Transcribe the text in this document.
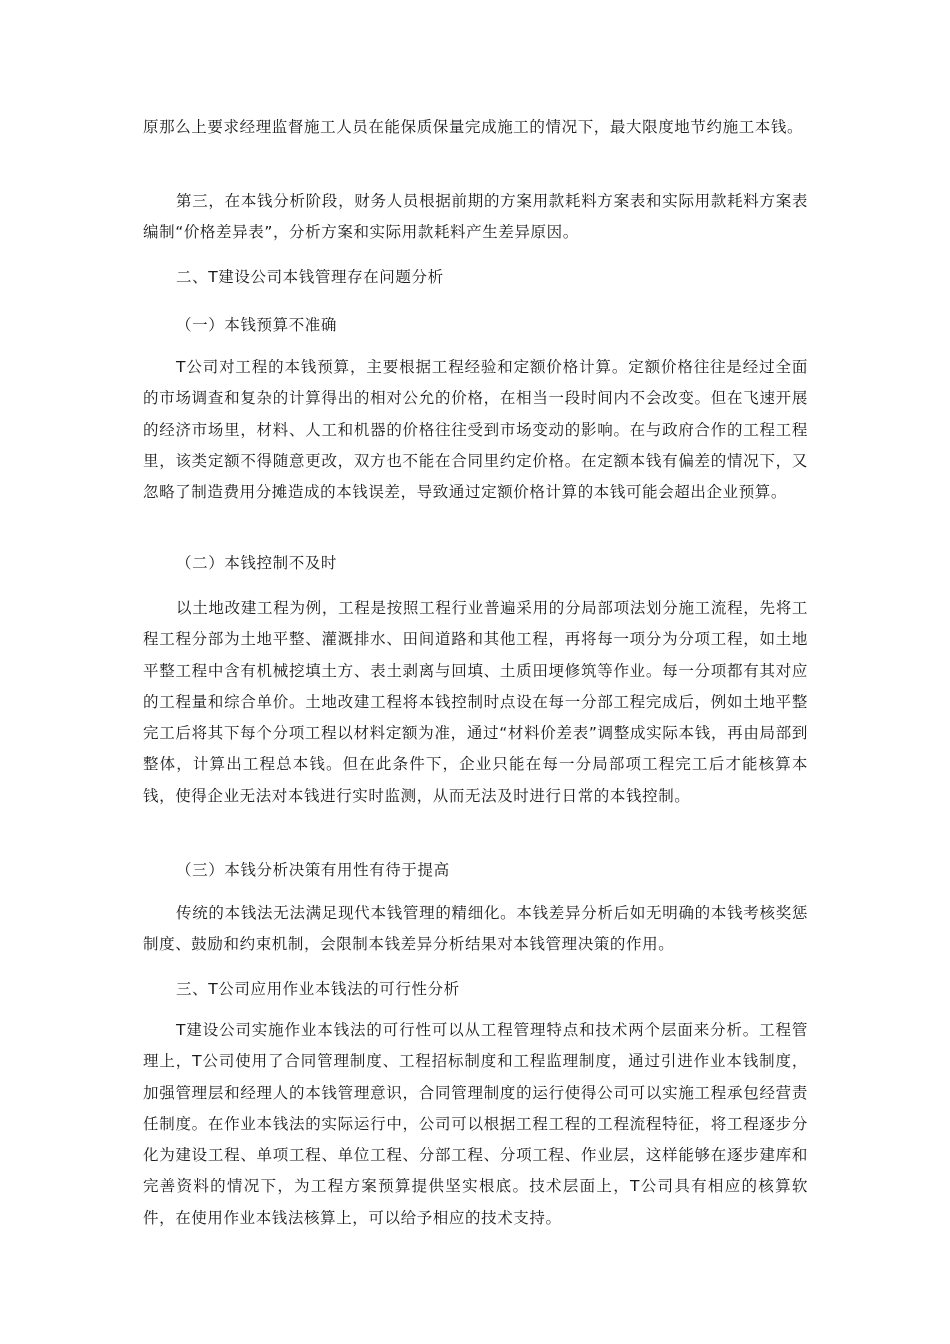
原那么上要求经理监督施工人员在能保质保量完成施工的情况下，最大限度地节约施工本钱。

第三，在本钱分析阶段，财务人员根据前期的方案用款耗料方案表和实际用款耗料方案表编制“价格差异表”，分析方案和实际用款耗料产生差异原因。

二、T建设公司本钱管理存在问题分析

（一）本钱预算不准确

T公司对工程的本钱预算，主要根据工程经验和定额价格计算。定额价格往往是经过全面的市场调查和复杂的计算得出的相对公允的价格，在相当一段时间内不会改变。但在飞速开展的经济市场里，材料、人工和机器的价格往往受到市场变动的影响。在与政府合作的工程工程里，该类定额不得随意更改，双方也不能在合同里约定价格。在定额本钱有偏差的情况下，又忽略了制造费用分摊造成的本钱误差，导致通过定额价格计算的本钱可能会超出企业预算。

（二）本钱控制不及时

以土地改建工程为例，工程是按照工程行业普遍采用的分局部项法划分施工流程，先将工程工程分部为土地平整、灌溉排水、田间道路和其他工程，再将每一项分为分项工程，如土地平整工程中含有机械挖填土方、表土剥离与回填、土质田埂修筑等作业。每一分项都有其对应的工程量和综合单价。土地改建工程将本钱控制时点设在每一分部工程完成后，例如土地平整完工后将其下每个分项工程以材料定额为准，通过“材料价差表”调整成实际本钱，再由局部到整体，计算出工程总本钱。但在此条件下，企业只能在每一分局部项工程完工后才能核算本钱，使得企业无法对本钱进行实时监测，从而无法及时进行日常的本钱控制。

（三）本钱分析决策有用性有待于提高

传统的本钱法无法满足现代本钱管理的精细化。本钱差异分析后如无明确的本钱考核奖惩制度、鼓励和约束机制，会限制本钱差异分析结果对本钱管理决策的作用。

三、T公司应用作业本钱法的可行性分析

T建设公司实施作业本钱法的可行性可以从工程管理特点和技术两个层面来分析。工程管理上，T公司使用了合同管理制度、工程招标制度和工程监理制度，通过引进作业本钱制度，加强管理层和经理人的本钱管理意识，合同管理制度的运行使得公司可以实施工程承包经营责任制度。在作业本钱法的实际运行中，公司可以根据工程工程的工程流程特征，将工程逐步分化为建设工程、单项工程、单位工程、分部工程、分项工程、作业层，这样能够在逐步建库和完善资料的情况下，为工程方案预算提供坚实根底。技术层面上，T公司具有相应的核算软件，在使用作业本钱法核算上，可以给予相应的技术支持。
